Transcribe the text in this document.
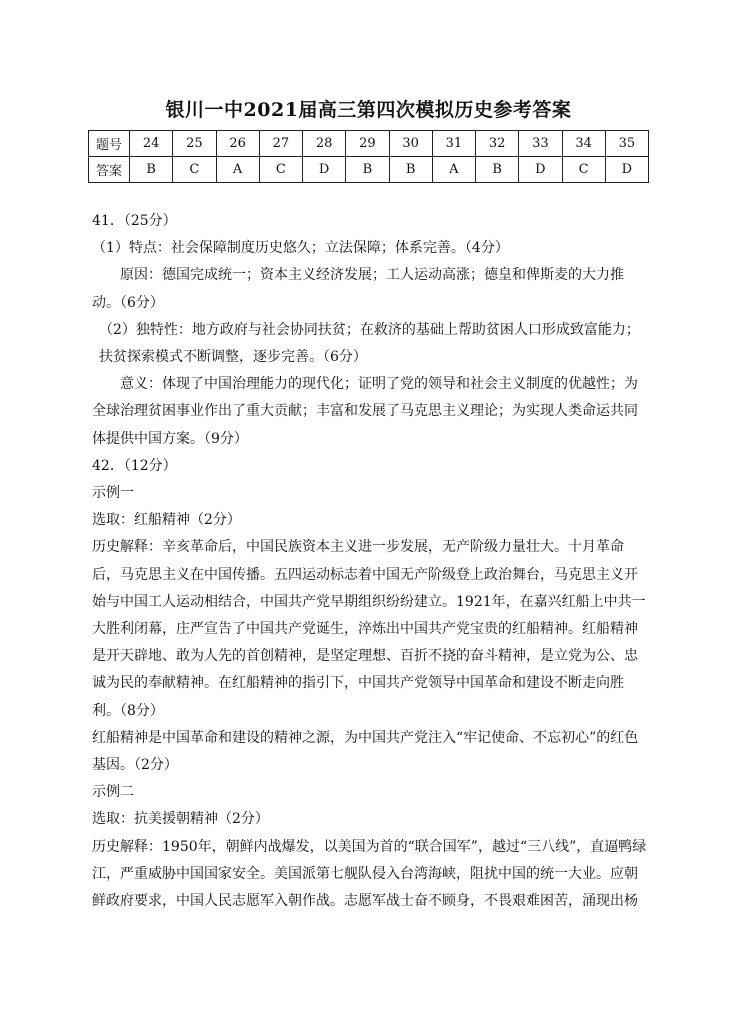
银川一中2021届高三第四次模拟历史参考答案
题号	24	25	26	27	28	29	30	31	32	33	34	35
答案	B	C	A	C	D	B	B	A	B	D	C	D

41．（25分）

（1）特点：社会保障制度历史悠久；立法保障；体系完善。（4分）

原因：德国完成统一；资本主义经济发展；工人运动高涨；德皇和俾斯麦的大力推动。（6分）

（2）独特性：地方政府与社会协同扶贫；在救济的基础上帮助贫困人口形成致富能力；扶贫探索模式不断调整，逐步完善。（6分）

意义：体现了中国治理能力的现代化；证明了党的领导和社会主义制度的优越性；为全球治理贫困事业作出了重大贡献；丰富和发展了马克思主义理论；为实现人类命运共同体提供中国方案。（9分）

42．（12分）

示例一

选取：红船精神（2分）

历史解释：辛亥革命后，中国民族资本主义进一步发展，无产阶级力量壮大。十月革命后，马克思主义在中国传播。五四运动标志着中国无产阶级登上政治舞台，马克思主义开始与中国工人运动相结合，中国共产党早期组织纷纷建立。1921年，在嘉兴红船上中共一大胜利闭幕，庄严宣告了中国共产党诞生，淬炼出中国共产党宝贵的红船精神。红船精神是开天辟地、敢为人先的首创精神，是坚定理想、百折不挠的奋斗精神，是立党为公、忠诚为民的奉献精神。在红船精神的指引下，中国共产党领导中国革命和建设不断走向胜利。（8分）

红船精神是中国革命和建设的精神之源，为中国共产党注入“牢记使命、不忘初心”的红色基因。（2分）

示例二

选取：抗美援朝精神（2分）

历史解释：1950年，朝鲜内战爆发，以美国为首的“联合国军”，越过“三八线”，直逼鸭绿江，严重威胁中国国家安全。美国派第七舰队侵入台湾海峡，阻扰中国的统一大业。应朝鲜政府要求，中国人民志愿军入朝作战。志愿军战士奋不顾身，不畏艰难困苦，涌现出杨
